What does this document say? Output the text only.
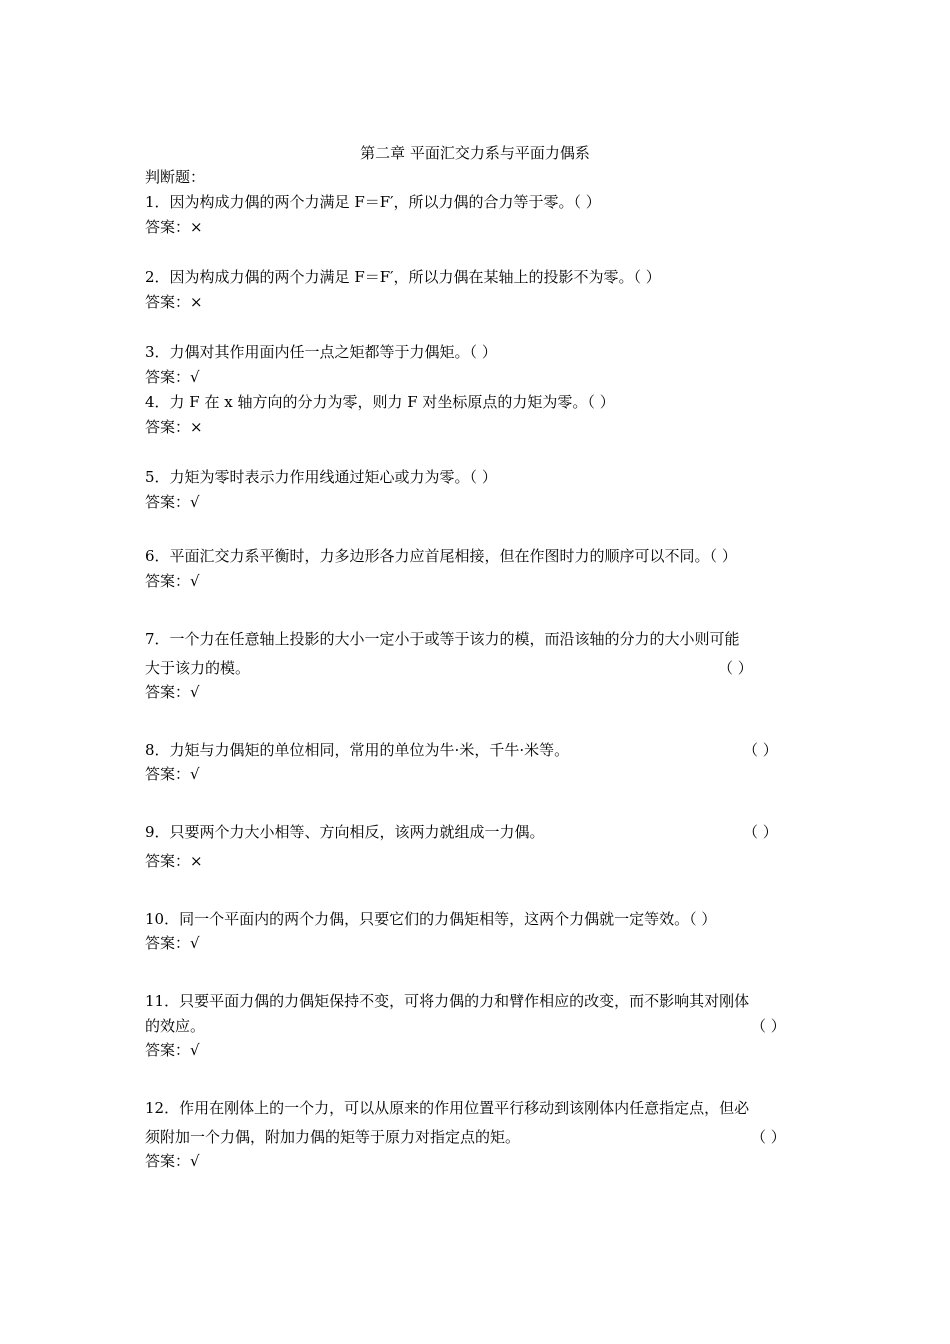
第二章 平面汇交力系与平面力偶系
判断题：
1．因为构成力偶的两个力满足 F＝F′，所以力偶的合力等于零。（ ）
答案：×
2．因为构成力偶的两个力满足 F＝F′，所以力偶在某轴上的投影不为零。（ ）
答案：×
3．力偶对其作用面内任一点之矩都等于力偶矩。（ ）
答案：√
4．力 F 在 x 轴方向的分力为零，则力 F 对坐标原点的力矩为零。（ ）
答案：×
5．力矩为零时表示力作用线通过矩心或力为零。（ ）
答案：√
6．平面汇交力系平衡时，力多边形各力应首尾相接，但在作图时力的顺序可以不同。（ ）
答案：√
7．一个力在任意轴上投影的大小一定小于或等于该力的模，而沿该轴的分力的大小则可能
大于该力的模。	（ ）
答案：√
8．力矩与力偶矩的单位相同，常用的单位为牛·米，千牛·米等。	（ ）
答案：√
9．只要两个力大小相等、方向相反，该两力就组成一力偶。	（ ）
答案：×
10．同一个平面内的两个力偶，只要它们的力偶矩相等，这两个力偶就一定等效。（ ）
答案：√
11．只要平面力偶的力偶矩保持不变，可将力偶的力和臂作相应的改变，而不影响其对刚体
的效应。	（ ）
答案：√
12．作用在刚体上的一个力，可以从原来的作用位置平行移动到该刚体内任意指定点，但必
须附加一个力偶，附加力偶的矩等于原力对指定点的矩。	（ ）
答案：√
